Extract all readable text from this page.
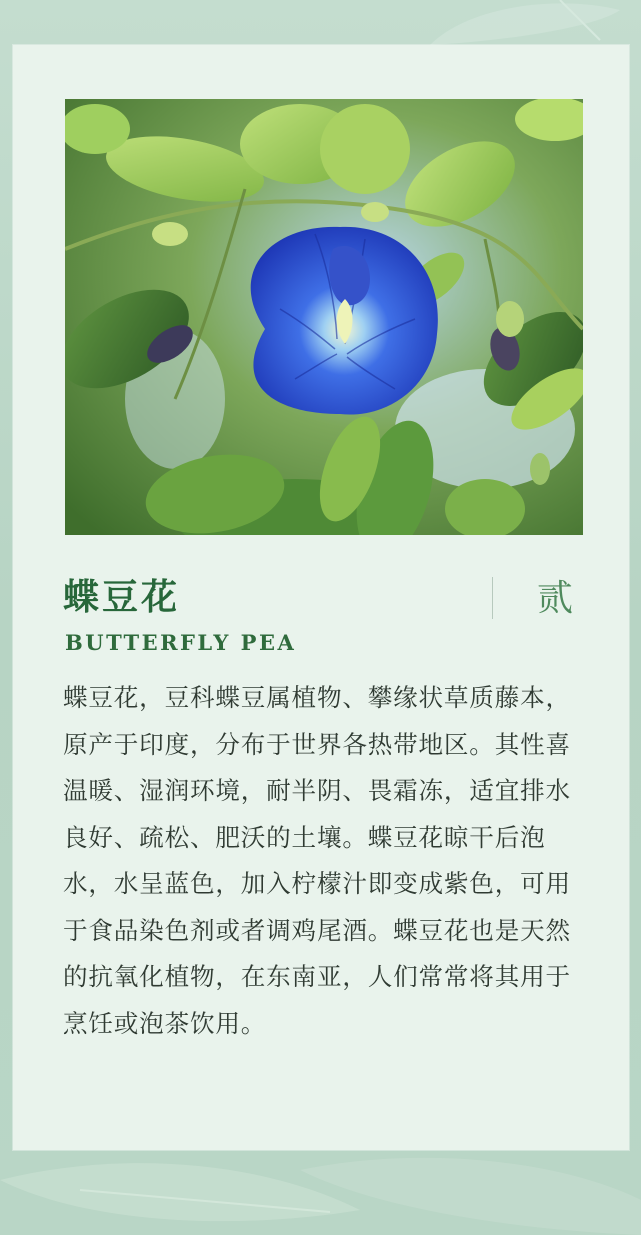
蝶豆花	贰
BUTTERFLY PEA

蝶豆花，豆科蝶豆属植物、攀缘状草质藤本，原产于印度，分布于世界各热带地区。其性喜温暖、湿润环境，耐半阴、畏霜冻，适宜排水良好、疏松、肥沃的土壤。蝶豆花晾干后泡水，水呈蓝色，加入柠檬汁即变成紫色，可用于食品染色剂或者调鸡尾酒。蝶豆花也是天然的抗氧化植物，在东南亚，人们常常将其用于烹饪或泡茶饮用。
